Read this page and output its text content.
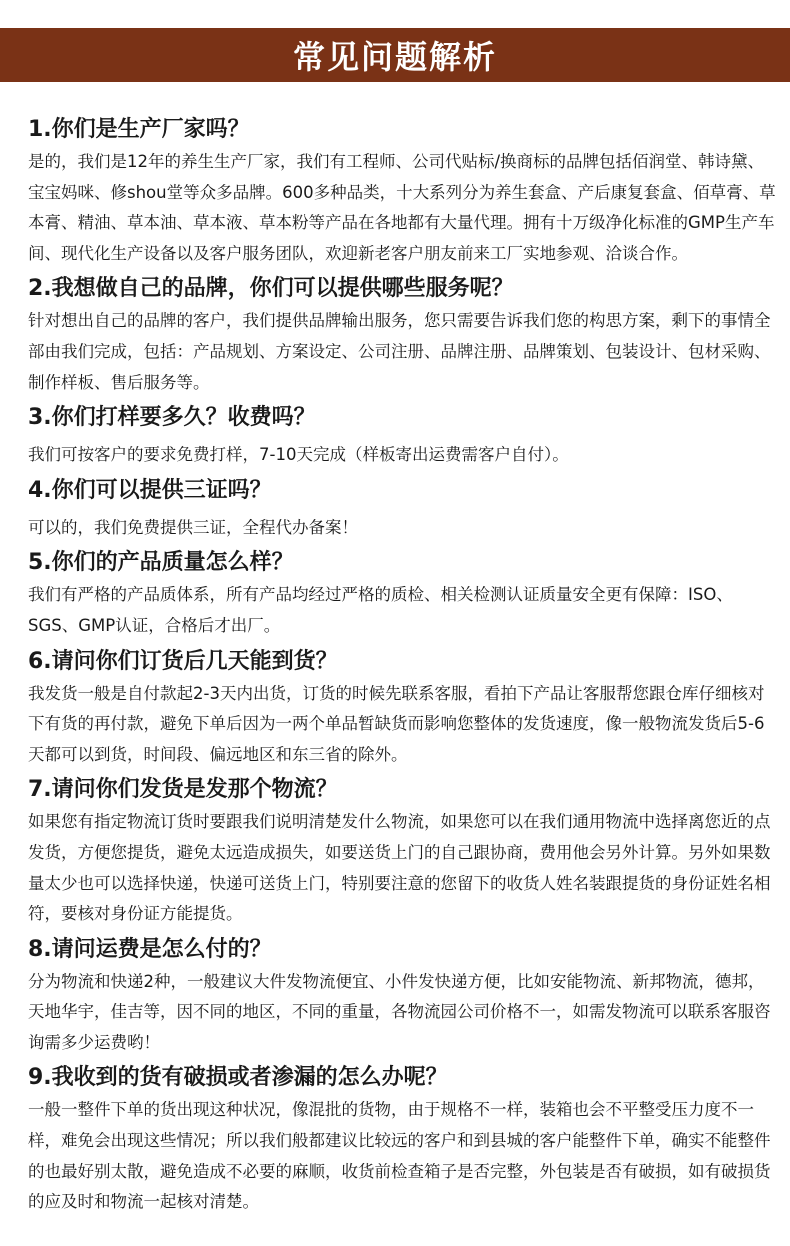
常见问题解析
1.你们是生产厂家吗？
是的，我们是12年的养生生产厂家，我们有工程师、公司代贴标/换商标的品牌包括佰润堂、韩诗黛、宝宝妈咪、修shou堂等众多品牌。600多种品类，十大系列分为养生套盒、产后康复套盒、佰草膏、草本膏、精油、草本油、草本液、草本粉等产品在各地都有大量代理。拥有十万级净化标准的GMP生产车间、现代化生产设备以及客户服务团队，欢迎新老客户朋友前来工厂实地参观、洽谈合作。
2.我想做自己的品牌，你们可以提供哪些服务呢？
针对想出自己的品牌的客户，我们提供品牌输出服务，您只需要告诉我们您的构思方案，剩下的事情全部由我们完成，包括：产品规划、方案设定、公司注册、品牌注册、品牌策划、包装设计、包材采购、制作样板、售后服务等。
3.你们打样要多久？收费吗？
我们可按客户的要求免费打样，7-10天完成（样板寄出运费需客户自付）。
4.你们可以提供三证吗？
可以的，我们免费提供三证，全程代办备案！
5.你们的产品质量怎么样？
我们有严格的产品质体系，所有产品均经过严格的质检、相关检测认证质量安全更有保障：ISO、SGS、GMP认证，合格后才出厂。
6.请问你们订货后几天能到货？
我发货一般是自付款起2-3天内出货，订货的时候先联系客服，看拍下产品让客服帮您跟仓库仔细核对下有货的再付款，避免下单后因为一两个单品暂缺货而影响您整体的发货速度，像一般物流发货后5-6天都可以到货，时间段、偏远地区和东三省的除外。
7.请问你们发货是发那个物流？
如果您有指定物流订货时要跟我们说明清楚发什么物流，如果您可以在我们通用物流中选择离您近的点发货，方便您提货，避免太远造成损失，如要送货上门的自己跟协商，费用他会另外计算。另外如果数量太少也可以选择快递，快递可送货上门，特别要注意的您留下的收货人姓名装跟提货的身份证姓名相符，要核对身份证方能提货。
8.请问运费是怎么付的？
分为物流和快递2种，一般建议大件发物流便宜、小件发快递方便，比如安能物流、新邦物流，德邦，天地华宇，佳吉等，因不同的地区，不同的重量，各物流园公司价格不一，如需发物流可以联系客服咨询需多少运费哟！
9.我收到的货有破损或者渗漏的怎么办呢？
一般一整件下单的货出现这种状况，像混批的货物，由于规格不一样，装箱也会不平整受压力度不一样，难免会出现这些情况；所以我们般都建议比较远的客户和到县城的客户能整件下单，确实不能整件的也最好别太散，避免造成不必要的麻顺，收货前检查箱子是否完整，外包装是否有破损，如有破损货的应及时和物流一起核对清楚。
